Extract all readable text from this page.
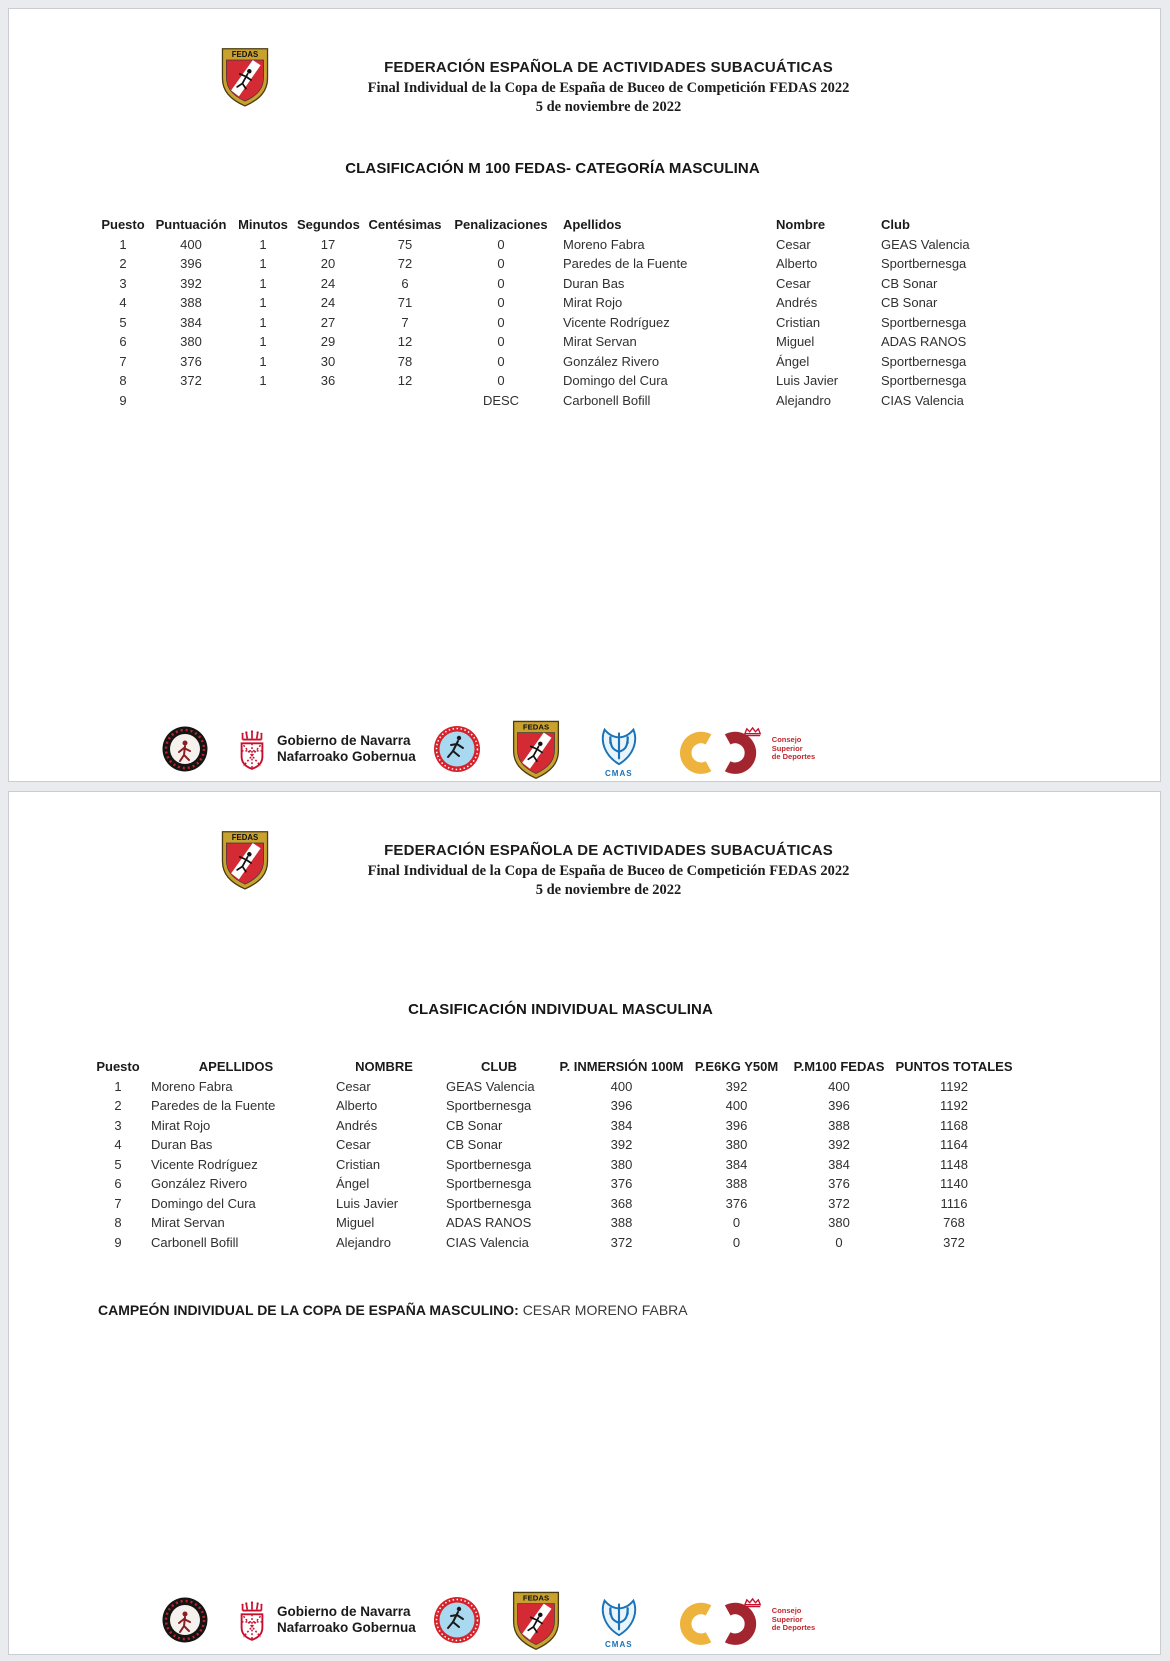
FEDAS
FEDERACIÓN ESPAÑOLA DE ACTIVIDADES SUBACUÁTICAS
Final Individual de la Copa de España de Buceo de Competición FEDAS 2022
5 de noviembre de 2022
CLASIFICACIÓN M 100 FEDAS- CATEGORÍA MASCULINA
Puesto	Puntuación	Minutos	Segundos	Centésimas	Penalizaciones	Apellidos	Nombre	Club
1	400	1	17	75	0	Moreno Fabra	Cesar	GEAS Valencia
2	396	1	20	72	0	Paredes de la Fuente	Alberto	Sportbernesga
3	392	1	24	6	0	Duran Bas	Cesar	CB Sonar
4	388	1	24	71	0	Mirat Rojo	Andrés	CB Sonar
5	384	1	27	7	0	Vicente Rodríguez	Cristian	Sportbernesga
6	380	1	29	12	0	Mirat Servan	Miguel	ADAS RANOS
7	376	1	30	78	0	González Rivero	Ángel	Sportbernesga
8	372	1	36	12	0	Domingo del Cura	Luis Javier	Sportbernesga
9					DESC	Carbonell Bofill	Alejandro	CIAS Valencia
Gobierno de Navarra
Nafarroako Gobernua
FEDAS
CMAS
Consejo
Superior
de Deportes
FEDAS
FEDERACIÓN ESPAÑOLA DE ACTIVIDADES SUBACUÁTICAS
Final Individual de la Copa de España de Buceo de Competición FEDAS 2022
5 de noviembre de 2022
CLASIFICACIÓN INDIVIDUAL MASCULINA
Puesto	APELLIDOS	NOMBRE	CLUB	P. INMERSIÓN 100M	P.E6KG Y50M	P.M100 FEDAS	PUNTOS TOTALES
1	Moreno Fabra	Cesar	GEAS Valencia	400	392	400	1192
2	Paredes de la Fuente	Alberto	Sportbernesga	396	400	396	1192
3	Mirat Rojo	Andrés	CB Sonar	384	396	388	1168
4	Duran Bas	Cesar	CB Sonar	392	380	392	1164
5	Vicente Rodríguez	Cristian	Sportbernesga	380	384	384	1148
6	González Rivero	Ángel	Sportbernesga	376	388	376	1140
7	Domingo del Cura	Luis Javier	Sportbernesga	368	376	372	1116
8	Mirat Servan	Miguel	ADAS RANOS	388	0	380	768
9	Carbonell Bofill	Alejandro	CIAS Valencia	372	0	0	372
CAMPEÓN INDIVIDUAL DE LA COPA DE ESPAÑA MASCULINO: CESAR MORENO FABRA
Gobierno de Navarra
Nafarroako Gobernua
FEDAS
CMAS
Consejo
Superior
de Deportes
